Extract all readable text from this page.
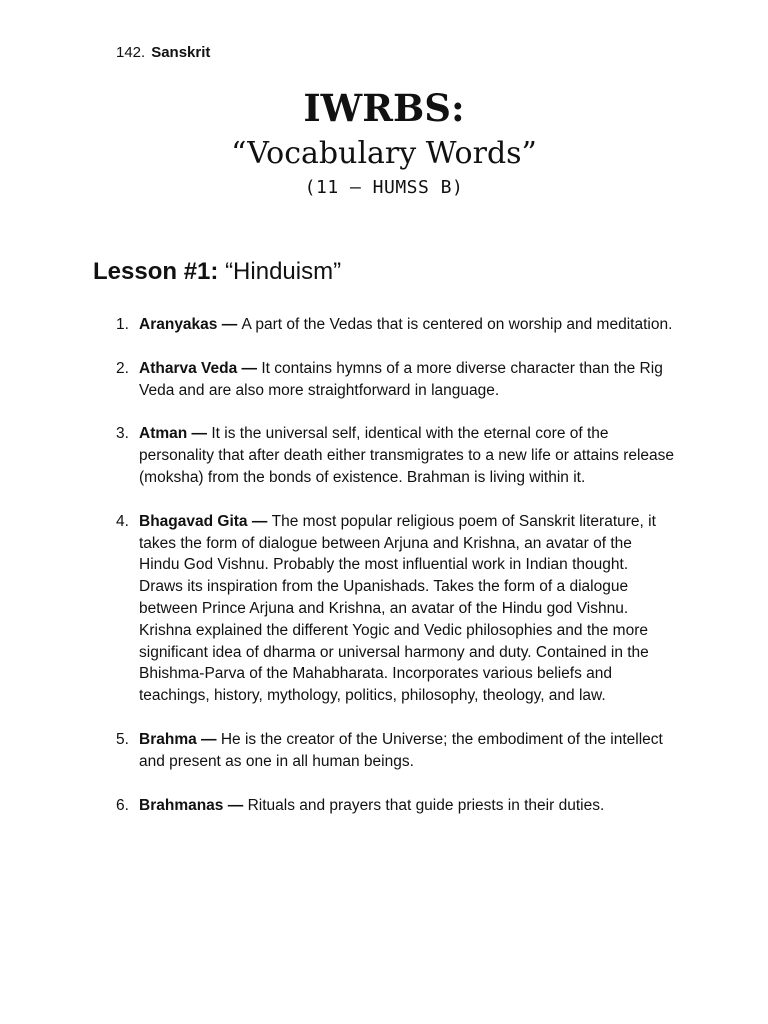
142. Sanskrit
IWRBS:
“Vocabulary Words”
(11 — HUMSS B)
Lesson #1: “Hinduism”
1. Aranyakas — A part of the Vedas that is centered on worship and meditation.
2. Atharva Veda — It contains hymns of a more diverse character than the Rig Veda and are also more straightforward in language.
3. Atman — It is the universal self, identical with the eternal core of the personality that after death either transmigrates to a new life or attains release (moksha) from the bonds of existence. Brahman is living within it.
4. Bhagavad Gita — The most popular religious poem of Sanskrit literature, it takes the form of dialogue between Arjuna and Krishna, an avatar of the Hindu God Vishnu. Probably the most influential work in Indian thought. Draws its inspiration from the Upanishads. Takes the form of a dialogue between Prince Arjuna and Krishna, an avatar of the Hindu god Vishnu. Krishna explained the different Yogic and Vedic philosophies and the more significant idea of dharma or universal harmony and duty. Contained in the Bhishma-Parva of the Mahabharata. Incorporates various beliefs and teachings, history, mythology, politics, philosophy, theology, and law.
5. Brahma — He is the creator of the Universe; the embodiment of the intellect and present as one in all human beings.
6. Brahmanas — Rituals and prayers that guide priests in their duties.
